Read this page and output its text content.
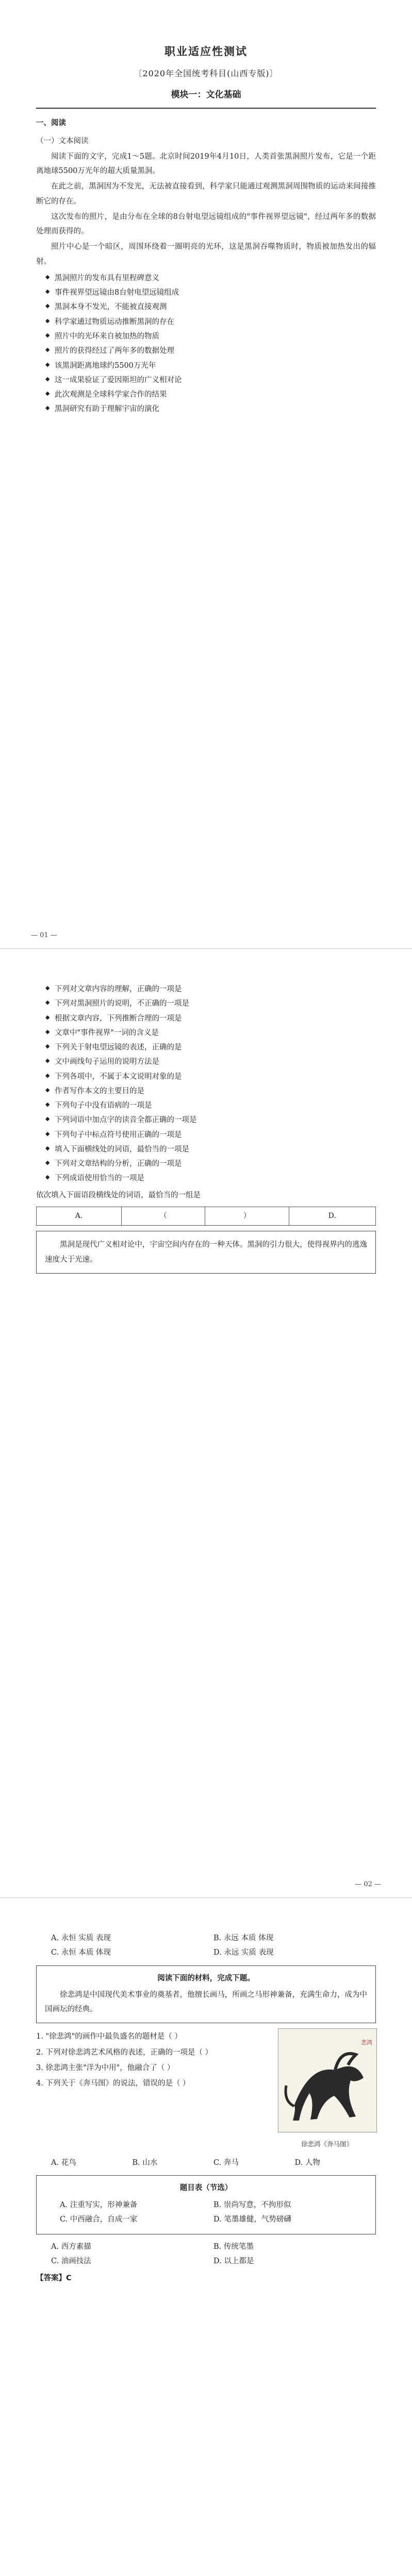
职业适应性测试
〔2020年全国统考科目(山西专版)〕
模块一：文化基础
一、阅读

（一）文本阅读

阅读下面的文字，完成1～5题。北京时间2019年4月10日，人类首张黑洞照片发布，它是一个距离地球5500万光年的超大质量黑洞。

在此之前，黑洞因为不发光，无法被直接看到，科学家只能通过观测黑洞周围物质的运动来间接推断它的存在。

这次发布的照片，是由分布在全球的8台射电望远镜组成的"事件视界望远镜"，经过两年多的数据处理而获得的。

照片中心是一个暗区，周围环绕着一圈明亮的光环，这是黑洞吞噬物质时，物质被加热发出的辐射。

◆ 黑洞照片的发布具有里程碑意义
◆ 事件视界望远镜由8台射电望远镜组成
◆ 黑洞本身不发光，不能被直接观测
◆ 科学家通过物质运动推断黑洞的存在
◆ 照片中的光环来自被加热的物质
◆ 照片的获得经过了两年多的数据处理
◆ 该黑洞距离地球约5500万光年
◆ 这一成果验证了爱因斯坦的广义相对论
◆ 此次观测是全球科学家合作的结果
◆ 黑洞研究有助于理解宇宙的演化
— 01 —
◆ 下列对文章内容的理解，正确的一项是
◆ 下列对黑洞照片的说明，不正确的一项是
◆ 根据文章内容，下列推断合理的一项是
◆ 文章中"事件视界"一词的含义是
◆ 下列关于射电望远镜的表述，正确的是
◆ 文中画线句子运用的说明方法是
◆ 下列各项中，不属于本文说明对象的是
◆ 作者写作本文的主要目的是
◆ 下列句子中没有语病的一项是
◆ 下列词语中加点字的读音全都正确的一项是
◆ 下列句子中标点符号使用正确的一项是
◆ 填入下面横线处的词语，最恰当的一项是
◆ 下列对文章结构的分析，正确的一项是
◆ 下列成语使用恰当的一项是

依次填入下面语段横线处的词语，最恰当的一组是

A.	（	）	D.

黑洞是现代广义相对论中，宇宙空间内存在的一种天体。黑洞的引力很大，使得视界内的逃逸速度大于光速。

— 02 —
A. 永恒 实质 表现	B. 永远 本质 体现
C. 永恒 本质 体现	D. 永远 实质 表现
阅读下面的材料，完成下题。

徐悲鸿是中国现代美术事业的奠基者，他擅长画马，所画之马形神兼备，充满生命力，成为中国画坛的经典。

1. "徐悲鸿"的画作中最负盛名的题材是（ ）

2. 下列对徐悲鸿艺术风格的表述，正确的一项是（ ）

3. 徐悲鸿主张"洋为中用"，他融合了（ ）

4. 下列关于《奔马图》的说法，错误的是（ ）

悲鸿
徐悲鸿《奔马图》
A. 花鸟	B. 山水	C. 奔马	D. 人物
题目表（节选）
A. 注重写实，形神兼备	B. 崇尚写意，不拘形似
C. 中西融合，自成一家	D. 笔墨雄健，气势磅礴
A. 西方素描	B. 传统笔墨
C. 油画技法	D. 以上都是

【答案】C
